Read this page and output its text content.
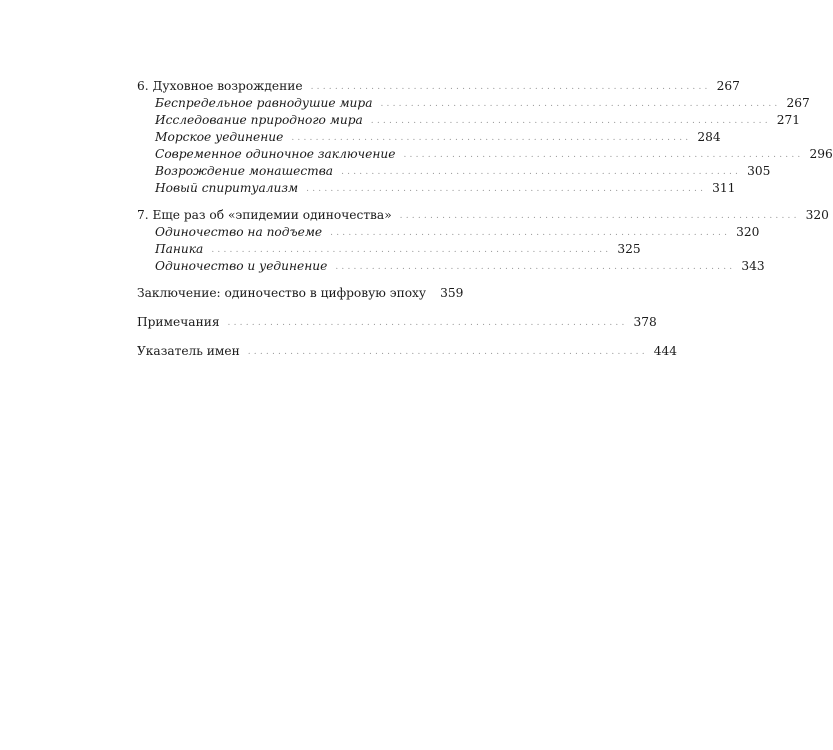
6. Духовное возрождение .................................................................. 267
Беспредельное равнодушие мира .................................................................. 267
Исследование природного мира .................................................................. 271
Морское уединение .................................................................. 284
Современное одиночное заключение .................................................................. 296
Возрождение монашества .................................................................. 305
Новый спиритуализм .................................................................. 311
7. Еще раз об «эпидемии одиночества» .................................................................. 320
Одиночество на подъеме .................................................................. 320
Паника .................................................................. 325
Одиночество и уединение .................................................................. 343
Заключение: одиночество в цифровую эпоху 359
Примечания .................................................................. 378
Указатель имен .................................................................. 444
